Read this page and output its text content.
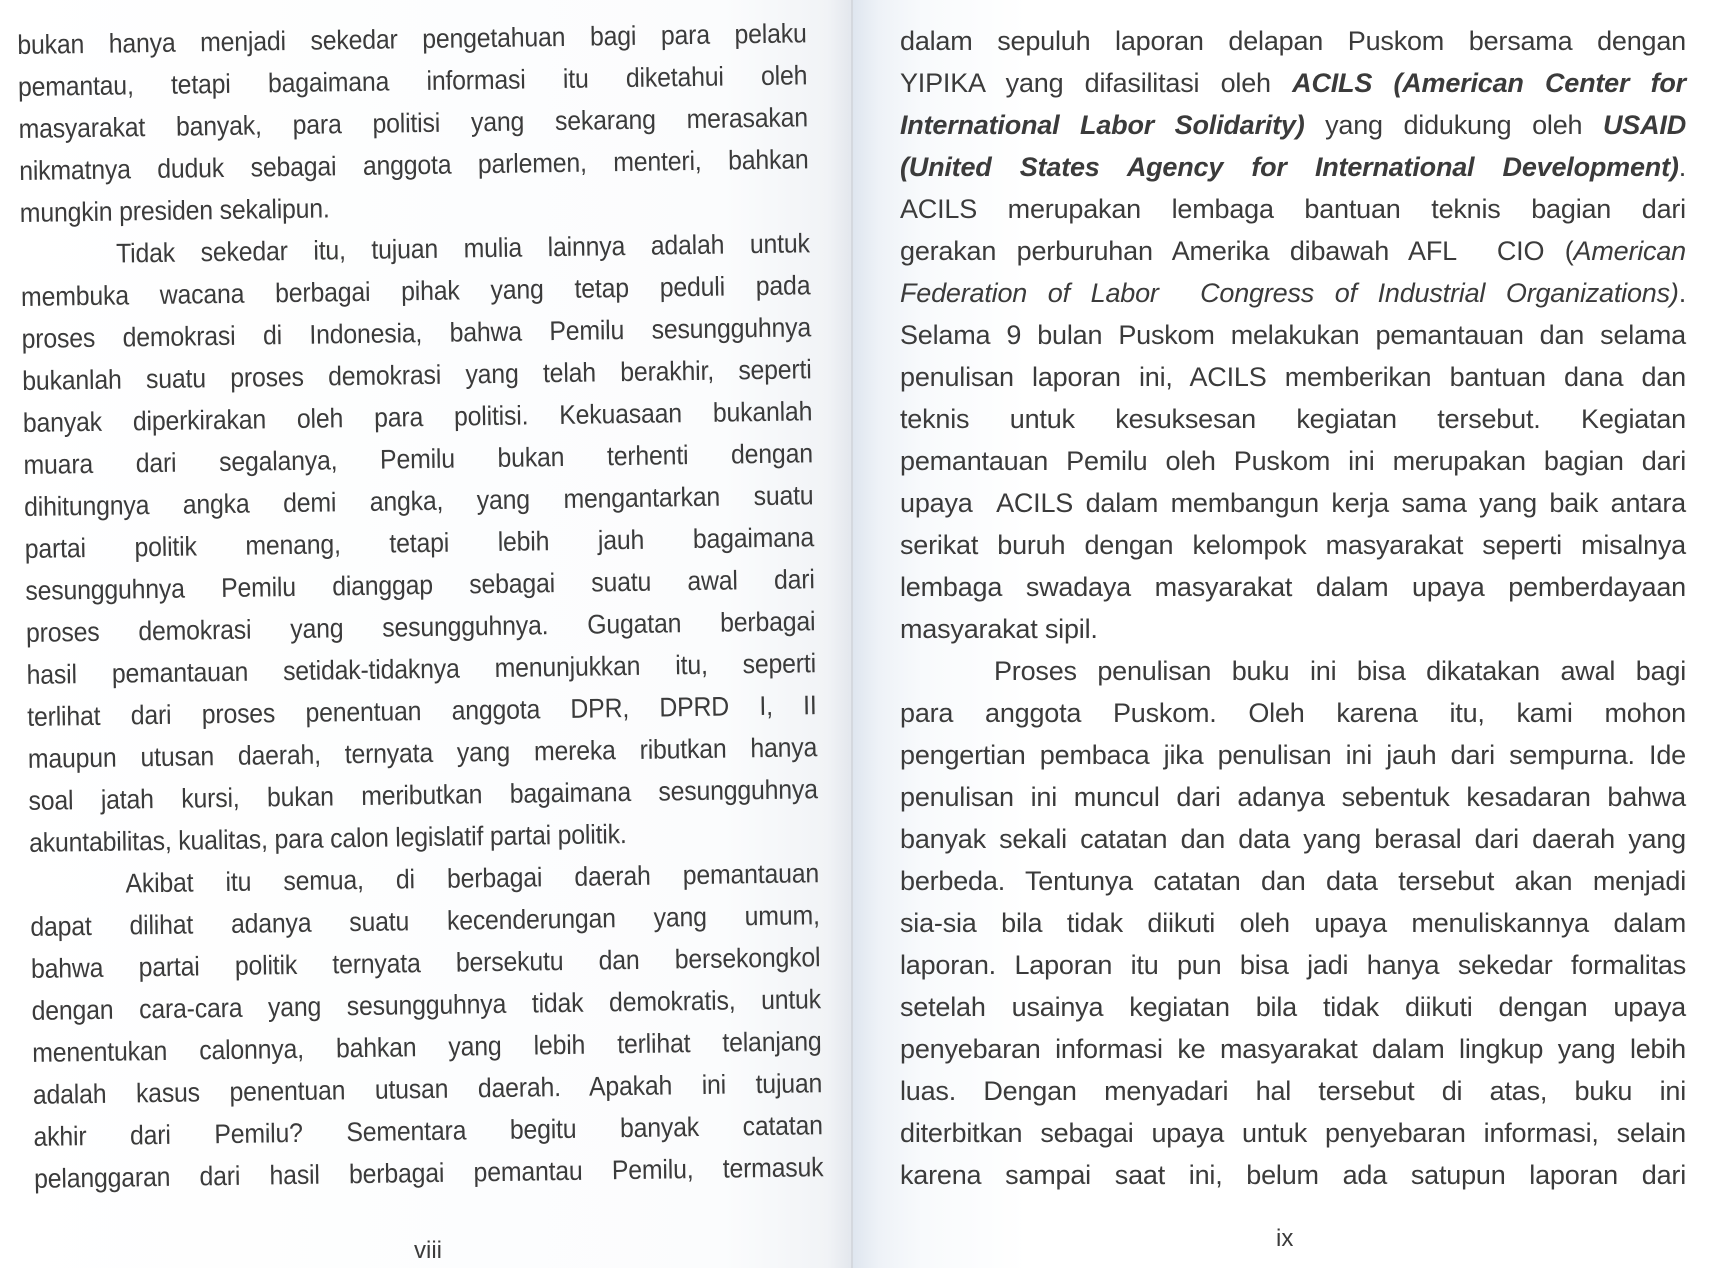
bukan hanya menjadi sekedar pengetahuan bagi para pelaku
pemantau, tetapi bagaimana informasi itu diketahui oleh
masyarakat banyak, para politisi yang sekarang merasakan
nikmatnya duduk sebagai anggota parlemen, menteri, bahkan
mungkin presiden sekalipun.
Tidak sekedar itu, tujuan mulia lainnya adalah untuk
membuka wacana berbagai pihak yang tetap peduli pada
proses demokrasi di Indonesia, bahwa Pemilu sesungguhnya
bukanlah suatu proses demokrasi yang telah berakhir, seperti
banyak diperkirakan oleh para politisi. Kekuasaan bukanlah
muara dari segalanya, Pemilu bukan terhenti dengan
dihitungnya angka demi angka, yang mengantarkan suatu
partai politik menang, tetapi lebih jauh bagaimana
sesungguhnya Pemilu dianggap sebagai suatu awal dari
proses demokrasi yang sesungguhnya. Gugatan berbagai
hasil pemantauan setidak-tidaknya menunjukkan itu, seperti
terlihat dari proses penentuan anggota DPR, DPRD I, II
maupun utusan daerah, ternyata yang mereka ributkan hanya
soal jatah kursi, bukan meributkan bagaimana sesungguhnya
akuntabilitas, kualitas, para calon legislatif partai politik.
Akibat itu semua, di berbagai daerah pemantauan
dapat dilihat adanya suatu kecenderungan yang umum,
bahwa partai politik ternyata bersekutu dan bersekongkol
dengan cara-cara yang sesungguhnya tidak demokratis, untuk
menentukan calonnya, bahkan yang lebih terlihat telanjang
adalah kasus penentuan utusan daerah. Apakah ini tujuan
akhir dari Pemilu? Sementara begitu banyak catatan
pelanggaran dari hasil berbagai pemantau Pemilu, termasuk
viii	ix
dalam sepuluh laporan delapan Puskom bersama dengan
YIPIKA yang difasilitasi oleh ACILS (American Center for
International Labor Solidarity) yang didukung oleh USAID
(United States Agency for International Development).
ACILS merupakan lembaga bantuan teknis bagian dari
gerakan perburuhan Amerika dibawah AFL  CIO (American
Federation of Labor  Congress of Industrial Organizations).
Selama 9 bulan Puskom melakukan pemantauan dan selama
penulisan laporan ini, ACILS memberikan bantuan dana dan
teknis untuk kesuksesan kegiatan tersebut. Kegiatan
pemantauan Pemilu oleh Puskom ini merupakan bagian dari
upaya  ACILS dalam membangun kerja sama yang baik antara
serikat buruh dengan kelompok masyarakat seperti misalnya
lembaga swadaya masyarakat dalam upaya pemberdayaan
masyarakat sipil.
Proses penulisan buku ini bisa dikatakan awal bagi
para anggota Puskom. Oleh karena itu, kami mohon
pengertian pembaca jika penulisan ini jauh dari sempurna. Ide
penulisan ini muncul dari adanya sebentuk kesadaran bahwa
banyak sekali catatan dan data yang berasal dari daerah yang
berbeda. Tentunya catatan dan data tersebut akan menjadi
sia-sia bila tidak diikuti oleh upaya menuliskannya dalam
laporan. Laporan itu pun bisa jadi hanya sekedar formalitas
setelah usainya kegiatan bila tidak diikuti dengan upaya
penyebaran informasi ke masyarakat dalam lingkup yang lebih
luas. Dengan menyadari hal tersebut di atas, buku ini
diterbitkan sebagai upaya untuk penyebaran informasi, selain
karena sampai saat ini, belum ada satupun laporan dari
